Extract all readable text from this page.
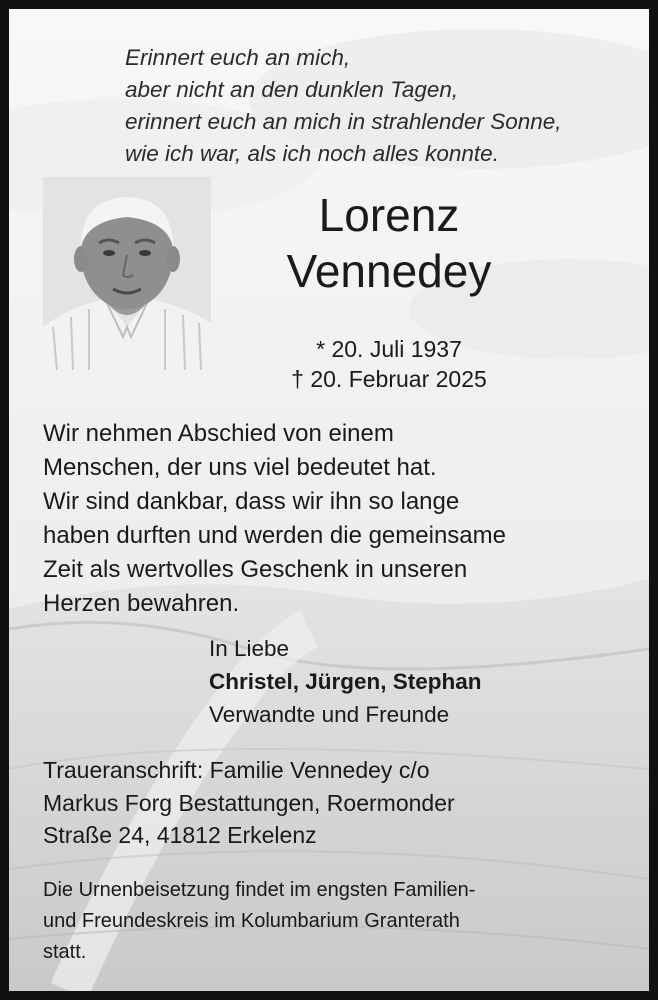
Erinnert euch an mich,
aber nicht an den dunklen Tagen,
erinnert euch an mich in strahlender Sonne,
wie ich war, als ich noch alles konnte.
Lorenz
Vennedey
* 20. Juli 1937
† 20. Februar 2025
Wir nehmen Abschied von einem
Menschen, der uns viel bedeutet hat.
Wir sind dankbar, dass wir ihn so lange
haben durften und werden die gemeinsame
Zeit als wertvolles Geschenk in unseren
Herzen bewahren.
In Liebe
Christel, Jürgen, Stephan
Verwandte und Freunde
Traueranschrift: Familie Vennedey c/o
Markus Forg Bestattungen, Roermonder
Straße 24, 41812 Erkelenz
Die Urnenbeisetzung findet im engsten Familien-
und Freundeskreis im Kolumbarium Granterath
statt.
